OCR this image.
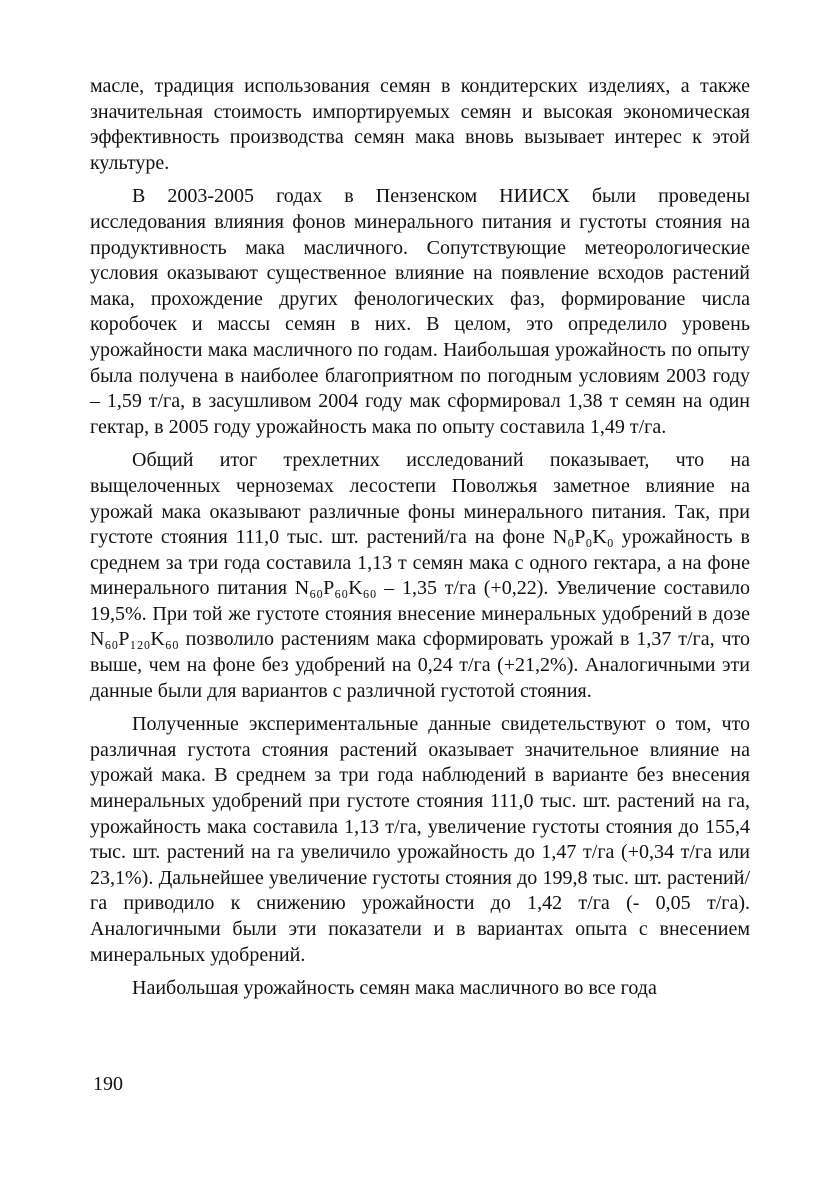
масле, традиция использования семян в кондитерских изделиях, а также значительная стоимость импортируемых семян и высокая экономическая эффективность производства семян мака вновь вызывает интерес к этой культуре.

В 2003-2005 годах в Пензенском НИИСХ были проведены исследования влияния фонов минерального питания и густоты стояния на продуктивность мака масличного. Сопутствующие метеорологические условия оказывают существенное влияние на появление всходов растений мака, прохождение других фенологических фаз, формирование числа коробочек и массы семян в них. В целом, это определило уровень урожайности мака масличного по годам. Наибольшая урожайность по опыту была получена в наиболее благоприятном по погодным условиям 2003 году – 1,59 т/га, в засушливом 2004 году мак сформировал 1,38 т семян на один гектар, в 2005 году урожайность мака по опыту составила 1,49 т/га.

Общий итог трехлетних исследований показывает, что на выщелоченных черноземах лесостепи Поволжья заметное влияние на урожай мака оказывают различные фоны минерального питания. Так, при густоте стояния 111,0 тыс. шт. растений/га на фоне N₀P₀K₀ урожайность в среднем за три года составила 1,13 т семян мака с одного гектара, а на фоне минерального питания N₆₀P₆₀K₆₀ – 1,35 т/га (+0,22). Увеличение составило 19,5%. При той же густоте стояния внесение минеральных удобрений в дозе N₆₀P₁₂₀K₆₀ позволило растениям мака сформировать урожай в 1,37 т/га, что выше, чем на фоне без удобрений на 0,24 т/га (+21,2%). Аналогичными эти данные были для вариантов с различной густотой стояния.

Полученные экспериментальные данные свидетельствуют о том, что различная густота стояния растений оказывает значительное влияние на урожай мака. В среднем за три года наблюдений в варианте без внесения минеральных удобрений при густоте стояния 111,0 тыс. шт. растений на га, урожайность мака составила 1,13 т/га, увеличение густоты стояния до 155,4 тыс. шт. растений на га увеличило урожайность до 1,47 т/га (+0,34 т/га или 23,1%). Дальнейшее увеличение густоты стояния до 199,8 тыс. шт. растений/га приводило к снижению урожайности до 1,42 т/га (- 0,05 т/га). Аналогичными были эти показатели и в вариантах опыта с внесением минеральных удобрений.

Наибольшая урожайность семян мака масличного во все года

190
